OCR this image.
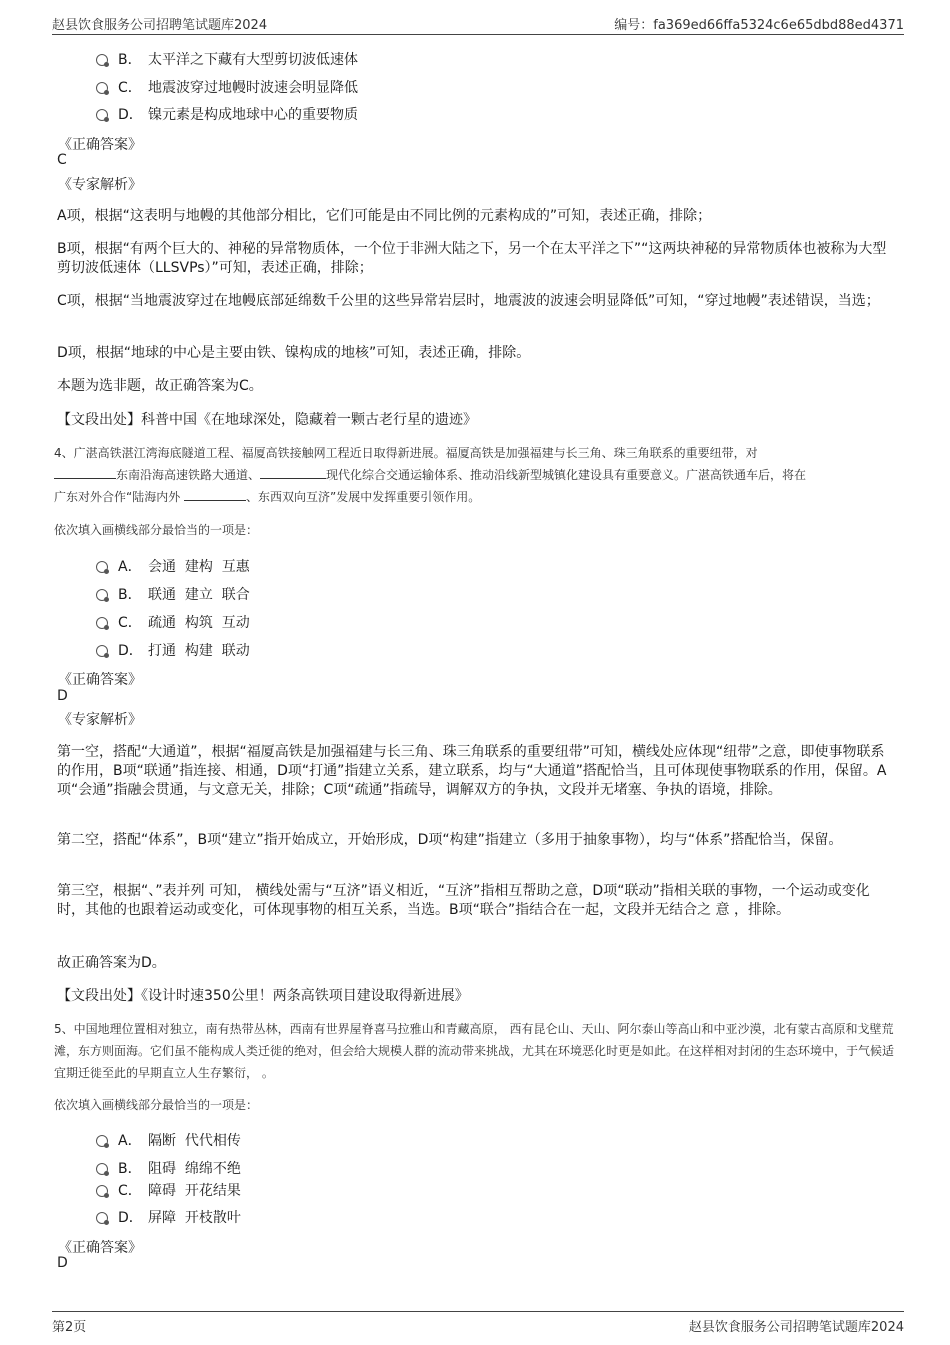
赵县饮食服务公司招聘笔试题库2024	编号：fa369ed66ffa5324c6e65dbd88ed4371
B． 太平洋之下藏有大型剪切波低速体
C． 地震波穿过地幔时波速会明显降低
D． 镍元素是构成地球中心的重要物质
《正确答案》
C
《专家解析》
A项，根据“这表明与地幔的其他部分相比，它们可能是由不同比例的元素构成的”可知，表述正确，排除；
B项，根据“有两个巨大的、神秘的异常物质体，一个位于非洲大陆之下，另一个在太平洋之下”“这两块神秘的异常物质体也被称为大型剪切波低速体（LLSVPs）”可知，表述正确，排除；
C项，根据“当地震波穿过在地幔底部延绵数千公里的这些异常岩层时，地震波的波速会明显降低”可知，“穿过地幔”表述错误，当选；
D项，根据“地球的中心是主要由铁、镍构成的地核”可知，表述正确，排除。
本题为选非题，故正确答案为C。
【文段出处】科普中国《在地球深处，隐藏着一颗古老行星的遗迹》
4、广湛高铁湛江湾海底隧道工程、福厦高铁接触网工程近日取得新进展。福厦高铁是加强福建与长三角、珠三角联系的重要纽带，对
东南沿海高速铁路大通道、	现代化综合交通运输体系、推动沿线新型城镇化建设具有重要意义。广湛高铁通车后，将在
广东对外合作“陆海内外	、东西双向互济”发展中发挥重要引领作用。
依次填入画横线部分最恰当的一项是：
A． 会通  建构  互惠
B． 联通  建立  联合
C． 疏通  构筑  互动
D． 打通  构建  联动
《正确答案》
D
《专家解析》
第一空，搭配“大通道”，根据“福厦高铁是加强福建与长三角、珠三角联系的重要纽带”可知，横线处应体现“纽带”之意，即使事物联系的作用，B项“联通”指连接、相通，D项“打通”指建立关系，建立联系，均与“大通道”搭配恰当，且可体现使事物联系的作用，保留。A项“会通”指融会贯通，与文意无关，排除；C项“疏通”指疏导，调解双方的争执，文段并无堵塞、争执的语境，排除。
第二空，搭配“体系”，B项“建立”指开始成立，开始形成，D项“构建”指建立（多用于抽象事物），均与“体系”搭配恰当，保留。
第三空，根据“、”表并列 可知， 横线处需与“互济”语义相近，“互济”指相互帮助之意，D项“联动”指相关联的事物，一个运动或变化时，其他的也跟着运动或变化，可体现事物的相互关系，当选。B项“联合”指结合在一起，文段并无结合之 意 ，排除。
故正确答案为D。
【文段出处】《设计时速350公里！两条高铁项目建设取得新进展》
5、中国地理位置相对独立，南有热带丛林，西南有世界屋脊喜马拉雅山和青藏高原， 西有昆仑山、天山、阿尔泰山等高山和中亚沙漠，北有蒙古高原和戈壁荒滩，东方则面海。它们虽不能构成人类迁徙的绝对，但会给大规模人群的流动带来挑战，尤其在环境恶化时更是如此。在这样相对封闭的生态环境中，于气候适宜期迁徙至此的早期直立人生存繁衍， 。
依次填入画横线部分最恰当的一项是：
A． 隔断  代代相传
B． 阻碍  绵绵不绝
C． 障碍  开花结果
D． 屏障  开枝散叶
《正确答案》
D
第2页	赵县饮食服务公司招聘笔试题库2024
